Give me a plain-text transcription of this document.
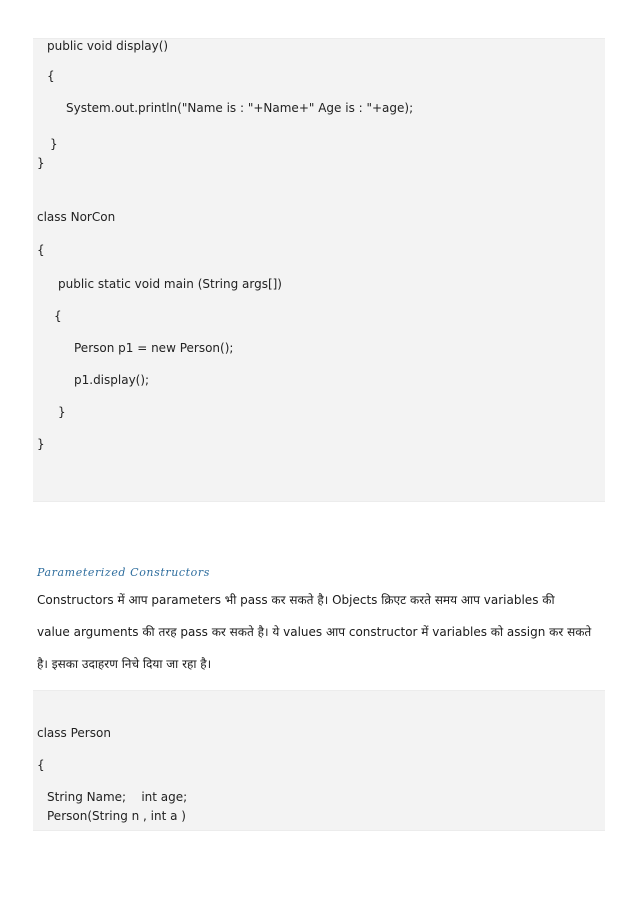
public void display()
{
System.out.println("Name is : "+Name+" Age is : "+age);
}
}
class NorCon
{
public static void main (String args[])
{
Person p1 = new Person();
p1.display();
}
}
Parameterized Constructors
Constructors में आप parameters भी pass कर सकते है। Objects क्रिएट करते समय आप variables की
value arguments की तरह pass कर सकते है। ये values आप constructor में variables को assign कर सकते
है। इसका उदाहरण निचे दिया जा रहा है।
class Person
{
String Name;    int age;
Person(String n , int a )
